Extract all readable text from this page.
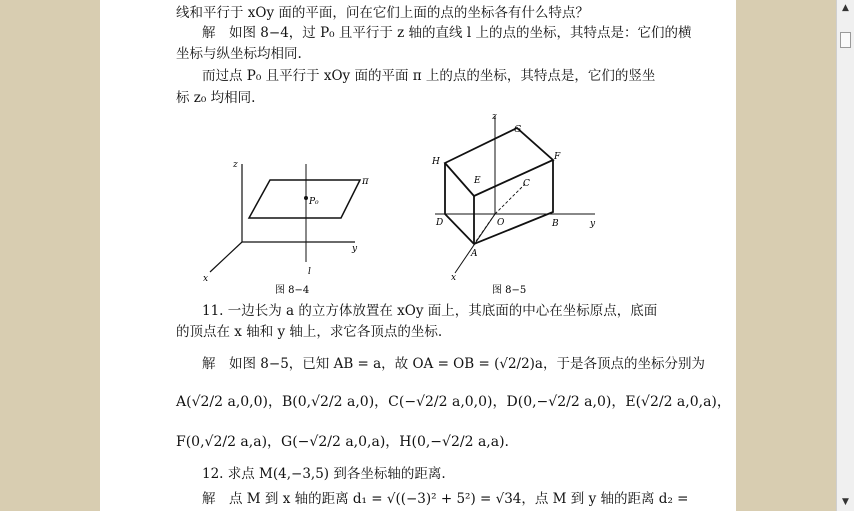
线和平行于 xOy 面的平面，问在它们上面的点的坐标各有什么特点？
解　如图 8−4，过 P₀ 且平行于 z 轴的直线 l 上的点的坐标，其特点是：它们的横
坐标与纵坐标均相同.
而过点 P₀ 且平行于 xOy 面的平面 π 上的点的坐标，其特点是，它们的竖坐
标 z₀ 均相同.
z
y
x
π
P₀
l
图 8−4
z
G
F
H
E	C
D	O	B	y
A
x
图 8−5
11. 一边长为 a 的立方体放置在 xOy 面上，其底面的中心在坐标原点，底面
的顶点在 x 轴和 y 轴上，求它各顶点的坐标.
解　如图 8−5，已知 AB = a，故 OA = OB = (√2/2)a，于是各顶点的坐标分别为
A(√2/2 a,0,0)，B(0,√2/2 a,0)，C(−√2/2 a,0,0)，D(0,−√2/2 a,0)，E(√2/2 a,0,a)，
F(0,√2/2 a,a)，G(−√2/2 a,0,a)，H(0,−√2/2 a,a).
12. 求点 M(4,−3,5) 到各坐标轴的距离.
解　点 M 到 x 轴的距离 d₁ = √((−3)² + 5²) = √34，点 M 到 y 轴的距离 d₂ =
▲
▼
